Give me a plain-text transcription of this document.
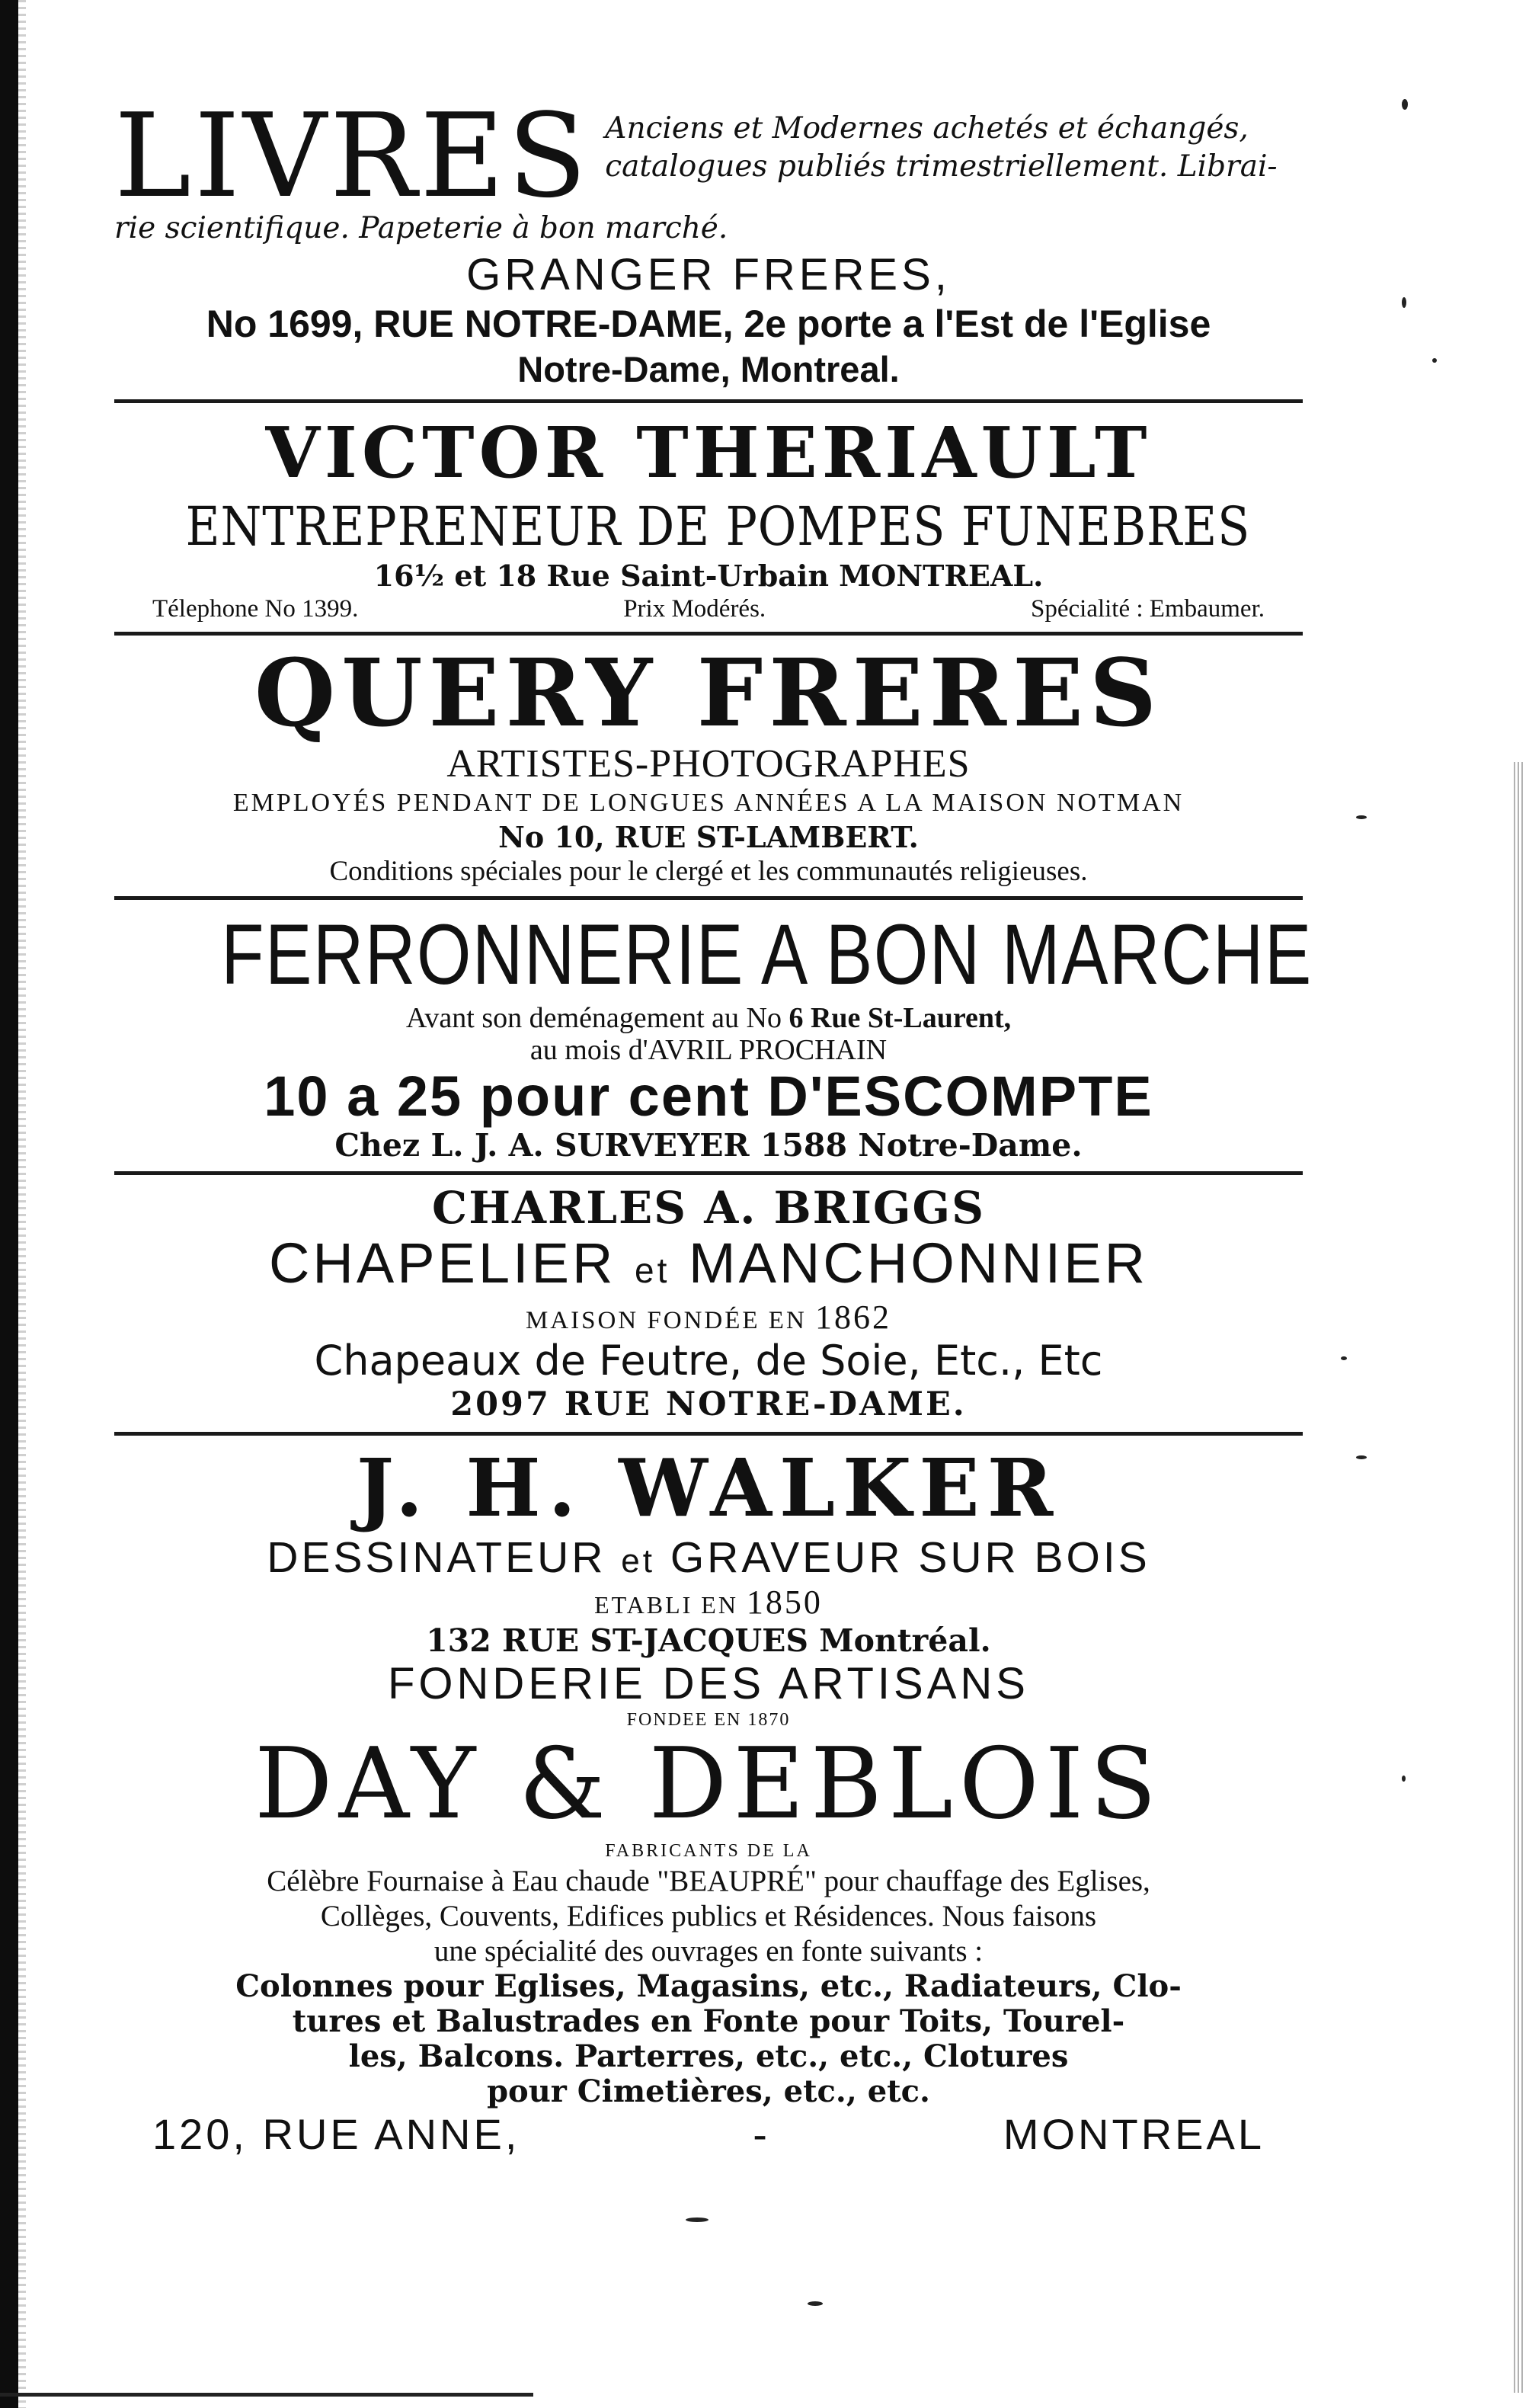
LIVRES Anciens et Modernes achetés et échangés, catalogues publiés trimestriellement. Librai-
rie scientifique. Papeterie à bon marché.
GRANGER FRERES,
No 1699, RUE NOTRE-DAME, 2e porte a l'Est de l'Eglise
Notre-Dame, Montreal.
VICTOR THERIAULT
ENTREPRENEUR DE POMPES FUNEBRES
16½ et 18 Rue Saint-Urbain MONTREAL.
Télephone No 1399.	Prix Modérés.	Spécialité : Embaumer.
QUERY FRERES
ARTISTES-PHOTOGRAPHES
EMPLOYÉS PENDANT DE LONGUES ANNÉES A LA MAISON NOTMAN
No 10, RUE ST-LAMBERT.
Conditions spéciales pour le clergé et les communautés religieuses.
FERRONNERIE A BON MARCHE
Avant son deménagement au No 6 Rue St-Laurent,
au mois d'AVRIL PROCHAIN
10 a 25 pour cent D'ESCOMPTE
Chez L. J. A. SURVEYER 1588 Notre-Dame.
CHARLES A. BRIGGS
CHAPELIER et MANCHONNIER
MAISON FONDÉE EN 1862
Chapeaux de Feutre, de Soie, Etc., Etc
2097 RUE NOTRE-DAME.
J. H. WALKER
DESSINATEUR et GRAVEUR SUR BOIS
ETABLI EN 1850
132 RUE ST-JACQUES Montréal.
FONDERIE DES ARTISANS
FONDEE EN 1870
DAY & DEBLOIS
FABRICANTS DE LA
Célèbre Fournaise à Eau chaude "BEAUPRÉ" pour chauffage des Eglises,
Collèges, Couvents, Edifices publics et Résidences. Nous faisons
une spécialité des ouvrages en fonte suivants :
Colonnes pour Eglises, Magasins, etc., Radiateurs, Clo-
tures et Balustrades en Fonte pour Toits, Tourel-
les, Balcons. Parterres, etc., etc., Clotures
pour Cimetières, etc., etc.
120, RUE ANNE,	-	MONTREAL
